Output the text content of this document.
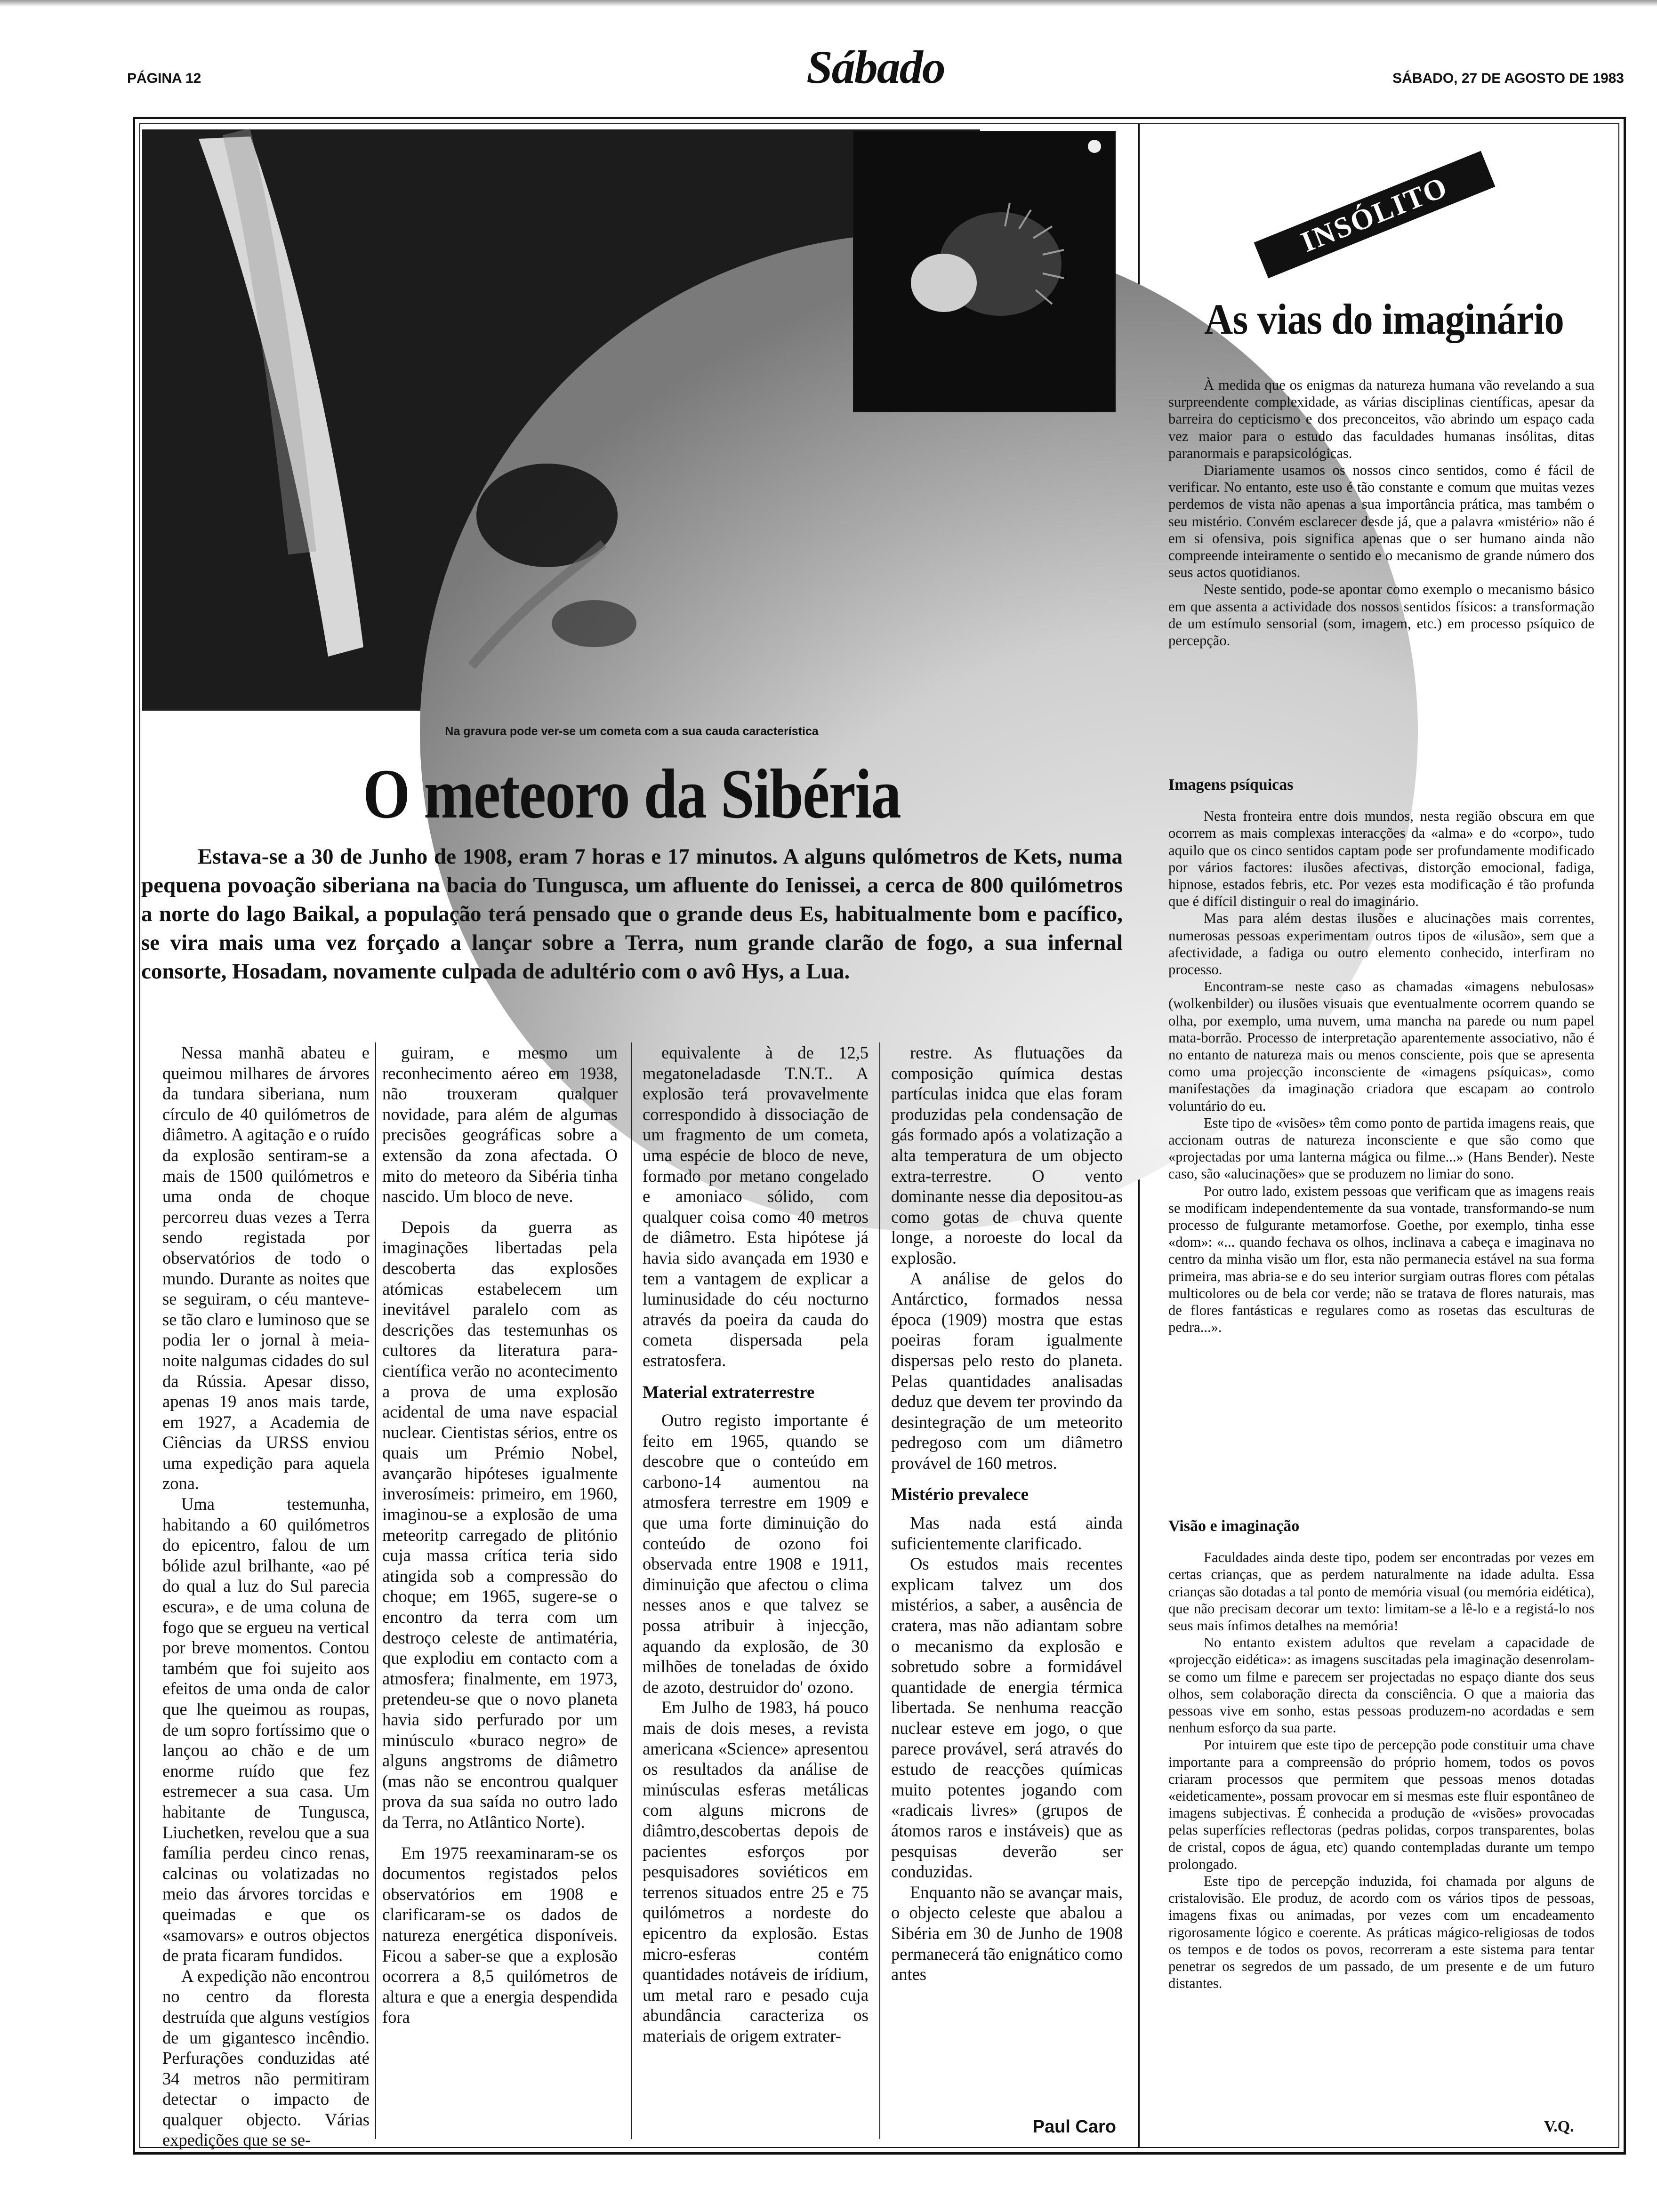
PÁGINA 12	Sábado	SÁBADO, 27 DE AGOSTO DE 1983
Na gravura pode ver-se um cometa com a sua cauda característica
O meteoro da Sibéria
Estava-se a 30 de Junho de 1908, eram 7 horas e 17 minutos. A alguns qulómetros de Kets, numa pequena povoação siberiana na bacia do Tungusca, um afluente do Ienissei, a cerca de 800 quilómetros a norte do lago Baikal, a população terá pensado que o grande deus Es, habitualmente bom e pacífico, se vira mais uma vez forçado a lançar sobre a Terra, num grande clarão de fogo, a sua infernal consorte, Hosadam, novamente culpada de adultério com o avô Hys, a Lua.

Nessa manhã abateu e queimou milhares de árvores da tundara siberiana, num círculo de 40 quilómetros de diâmetro. A agitação e o ruído da explosão sentiram-se a mais de 1500 quilómetros e uma onda de choque percorreu duas vezes a Terra sendo registada por observatórios de todo o mundo. Durante as noites que se seguiram, o céu manteve-se tão claro e luminoso que se podia ler o jornal à meia-noite nalgumas cidades do sul da Rússia. Apesar disso, apenas 19 anos mais tarde, em 1927, a Academia de Ciências da URSS enviou uma expedição para aquela zona.

Uma testemunha, habitando a 60 quilómetros do epicentro, falou de um bólide azul brilhante, «ao pé do qual a luz do Sul parecia escura», e de uma coluna de fogo que se ergueu na vertical por breve momentos. Contou também que foi sujeito aos efeitos de uma onda de calor que lhe queimou as roupas, de um sopro fortíssimo que o lançou ao chão e de um enorme ruído que fez estremecer a sua casa. Um habitante de Tungusca, Liuchetken, revelou que a sua família perdeu cinco renas, calcinas ou volatizadas no meio das árvores torcidas e queimadas e que os «samovars» e outros objectos de prata ficaram fundidos.

A expedição não encontrou no centro da floresta destruída que alguns vestígios de um gigantesco incêndio. Perfurações conduzidas até 34 metros não permitiram detectar o impacto de qualquer objecto. Várias expedições que se se-

guiram, e mesmo um reconhecimento aéreo em 1938, não trouxeram qualquer novidade, para além de algumas precisões geográficas sobre a extensão da zona afectada. O mito do meteoro da Sibéria tinha nascido. Um bloco de neve.

Depois da guerra as imaginações libertadas pela descoberta das explosões atómicas estabelecem um inevitável paralelo com as descrições das testemunhas os cultores da literatura para-científica verão no acontecimento a prova de uma explosão acidental de uma nave espacial nuclear. Cientistas sérios, entre os quais um Prémio Nobel, avançarão hipóteses igualmente inverosímeis: primeiro, em 1960, imaginou-se a explosão de uma meteoritp carregado de plitónio cuja massa crítica teria sido atingida sob a compressão do choque; em 1965, sugere-se o encontro da terra com um destroço celeste de antimatéria, que explodiu em contacto com a atmosfera; finalmente, em 1973, pretendeu-se que o novo planeta havia sido perfurado por um minúsculo «buraco negro» de alguns angstroms de diâmetro (mas não se encontrou qualquer prova da sua saída no outro lado da Terra, no Atlântico Norte).

Em 1975 reexaminaram-se os documentos registados pelos observatórios em 1908 e clarificaram-se os dados de natureza energética disponíveis. Ficou a saber-se que a explosão ocorrera a 8,5 quilómetros de altura e que a energia despendida fora

equivalente à de 12,5 megatoneladasde T.N.T.. A explosão terá provavelmente correspondido à dissociação de um fragmento de um cometa, uma espécie de bloco de neve, formado por metano congelado e amoniaco sólido, com qualquer coisa como 40 metros de diâmetro. Esta hipótese já havia sido avançada em 1930 e tem a vantagem de explicar a luminusidade do céu nocturno através da poeira da cauda do cometa dispersada pela estratosfera.

Material extraterrestre

Outro registo importante é feito em 1965, quando se descobre que o conteúdo em carbono-14 aumentou na atmosfera terrestre em 1909 e que uma forte diminuição do conteúdo de ozono foi observada entre 1908 e 1911, diminuição que afectou o clima nesses anos e que talvez se possa atribuir à injecção, aquando da explosão, de 30 milhões de toneladas de óxido de azoto, destruidor do' ozono.

Em Julho de 1983, há pouco mais de dois meses, a revista americana «Science» apresentou os resultados da análise de minúsculas esferas metálicas com alguns microns de diâmtro,descobertas depois de pacientes esforços por pesquisadores soviéticos em terrenos situados entre 25 e 75 quilómetros a nordeste do epicentro da explosão. Estas micro-esferas contém quantidades notáveis de irídium, um metal raro e pesado cuja abundância caracteriza os materiais de origem extrater-

restre. As flutuações da composição química destas partículas inidca que elas foram produzidas pela condensação de gás formado após a volatização a alta temperatura de um objecto extra-terrestre. O vento dominante nesse dia depositou-as como gotas de chuva quente longe, a noroeste do local da explosão.

A análise de gelos do Antárctico, formados nessa época (1909) mostra que estas poeiras foram igualmente dispersas pelo resto do planeta. Pelas quantidades analisadas deduz que devem ter provindo da desintegração de um meteorito pedregoso com um diâmetro provável de 160 metros.

Mistério prevalece

Mas nada está ainda suficientemente clarificado.

Os estudos mais recentes explicam talvez um dos mistérios, a saber, a ausência de cratera, mas não adiantam sobre o mecanismo da explosão e sobretudo sobre a formidável quantidade de energia térmica libertada. Se nenhuma reacção nuclear esteve em jogo, o que parece provável, será através do estudo de reacções químicas muito potentes jogando com «radicais livres» (grupos de átomos raros e instáveis) que as pesquisas deverão ser conduzidas.

Enquanto não se avançar mais, o objecto celeste que abalou a Sibéria em 30 de Junho de 1908 permanecerá tão enignático como antes

Paul Caro
INSÓLITO
As vias do imaginário

À medida que os enigmas da natureza humana vão revelando a sua surpreendente complexidade, as várias disciplinas científicas, apesar da barreira do cepticismo e dos preconceitos, vão abrindo um espaço cada vez maior para o estudo das faculdades humanas insólitas, ditas paranormais e parapsicológicas.

Diariamente usamos os nossos cinco sentidos, como é fácil de verificar. No entanto, este uso é tão constante e comum que muitas vezes perdemos de vista não apenas a sua importância prática, mas também o seu mistério. Convém esclarecer desde já, que a palavra «mistério» não é em si ofensiva, pois significa apenas que o ser humano ainda não compreende inteiramente o sentido e o mecanismo de grande número dos seus actos quotidianos.

Neste sentido, pode-se apontar como exemplo o mecanismo básico em que assenta a actividade dos nossos sentidos físicos: a transformação de um estímulo sensorial (som, imagem, etc.) em processo psíquico de percepção.

Imagens psíquicas

Nesta fronteira entre dois mundos, nesta região obscura em que ocorrem as mais complexas interacções da «alma» e do «corpo», tudo aquilo que os cinco sentidos captam pode ser profundamente modificado por vários factores: ilusões afectivas, distorção emocional, fadiga, hipnose, estados febris, etc. Por vezes esta modificação é tão profunda que é difícil distinguir o real do imaginário.

Mas para além destas ilusões e alucinações mais correntes, numerosas pessoas experimentam outros tipos de «ilusão», sem que a afectividade, a fadiga ou outro elemento conhecido, interfiram no processo.

Encontram-se neste caso as chamadas «imagens nebulosas» (wolkenbilder) ou ilusões visuais que eventualmente ocorrem quando se olha, por exemplo, uma nuvem, uma mancha na parede ou num papel mata-borrão. Processo de interpretação aparentemente associativo, não é no entanto de natureza mais ou menos consciente, pois que se apresenta como uma projecção inconsciente de «imagens psíquicas», como manifestações da imaginação criadora que escapam ao controlo voluntário do eu.

Este tipo de «visões» têm como ponto de partida imagens reais, que accionam outras de natureza inconsciente e que são como que «projectadas por uma lanterna mágica ou filme...» (Hans Bender). Neste caso, são «alucinações» que se produzem no limiar do sono.

Por outro lado, existem pessoas que verificam que as imagens reais se modificam independentemente da sua vontade, transformando-se num processo de fulgurante metamorfose. Goethe, por exemplo, tinha esse «dom»: «... quando fechava os olhos, inclinava a cabeça e imaginava no centro da minha visão um flor, esta não permanecia estável na sua forma primeira, mas abria-se e do seu interior surgiam outras flores com pétalas multicolores ou de bela cor verde; não se tratava de flores naturais, mas de flores fantásticas e regulares como as rosetas das esculturas de pedra...».

Visão e imaginação

Faculdades ainda deste tipo, podem ser encontradas por vezes em certas crianças, que as perdem naturalmente na idade adulta. Essa crianças são dotadas a tal ponto de memória visual (ou memória eidética), que não precisam decorar um texto: limitam-se a lê-lo e a registá-lo nos seus mais ínfimos detalhes na memória!

No entanto existem adultos que revelam a capacidade de «projecção eidética»: as imagens suscitadas pela imaginação desenrolam-se como um filme e parecem ser projectadas no espaço diante dos seus olhos, sem colaboração directa da consciência. O que a maioria das pessoas vive em sonho, estas pessoas produzem-no acordadas e sem nenhum esforço da sua parte.

Por intuirem que este tipo de percepção pode constituir uma chave importante para a compreensão do próprio homem, todos os povos criaram processos que permitem que pessoas menos dotadas «eideticamente», possam provocar em si mesmas este fluir espontâneo de imagens subjectivas. É conhecida a produção de «visões» provocadas pelas superfícies reflectoras (pedras polidas, corpos transparentes, bolas de cristal, copos de água, etc) quando contempladas durante um tempo prolongado.

Este tipo de percepção induzida, foi chamada por alguns de cristalovisão. Ele produz, de acordo com os vários tipos de pessoas, imagens fixas ou animadas, por vezes com um encadeamento rigorosamente lógico e coerente. As práticas mágico-religiosas de todos os tempos e de todos os povos, recorreram a este sistema para tentar penetrar os segredos de um passado, de um presente e de um futuro distantes.

V.Q.
